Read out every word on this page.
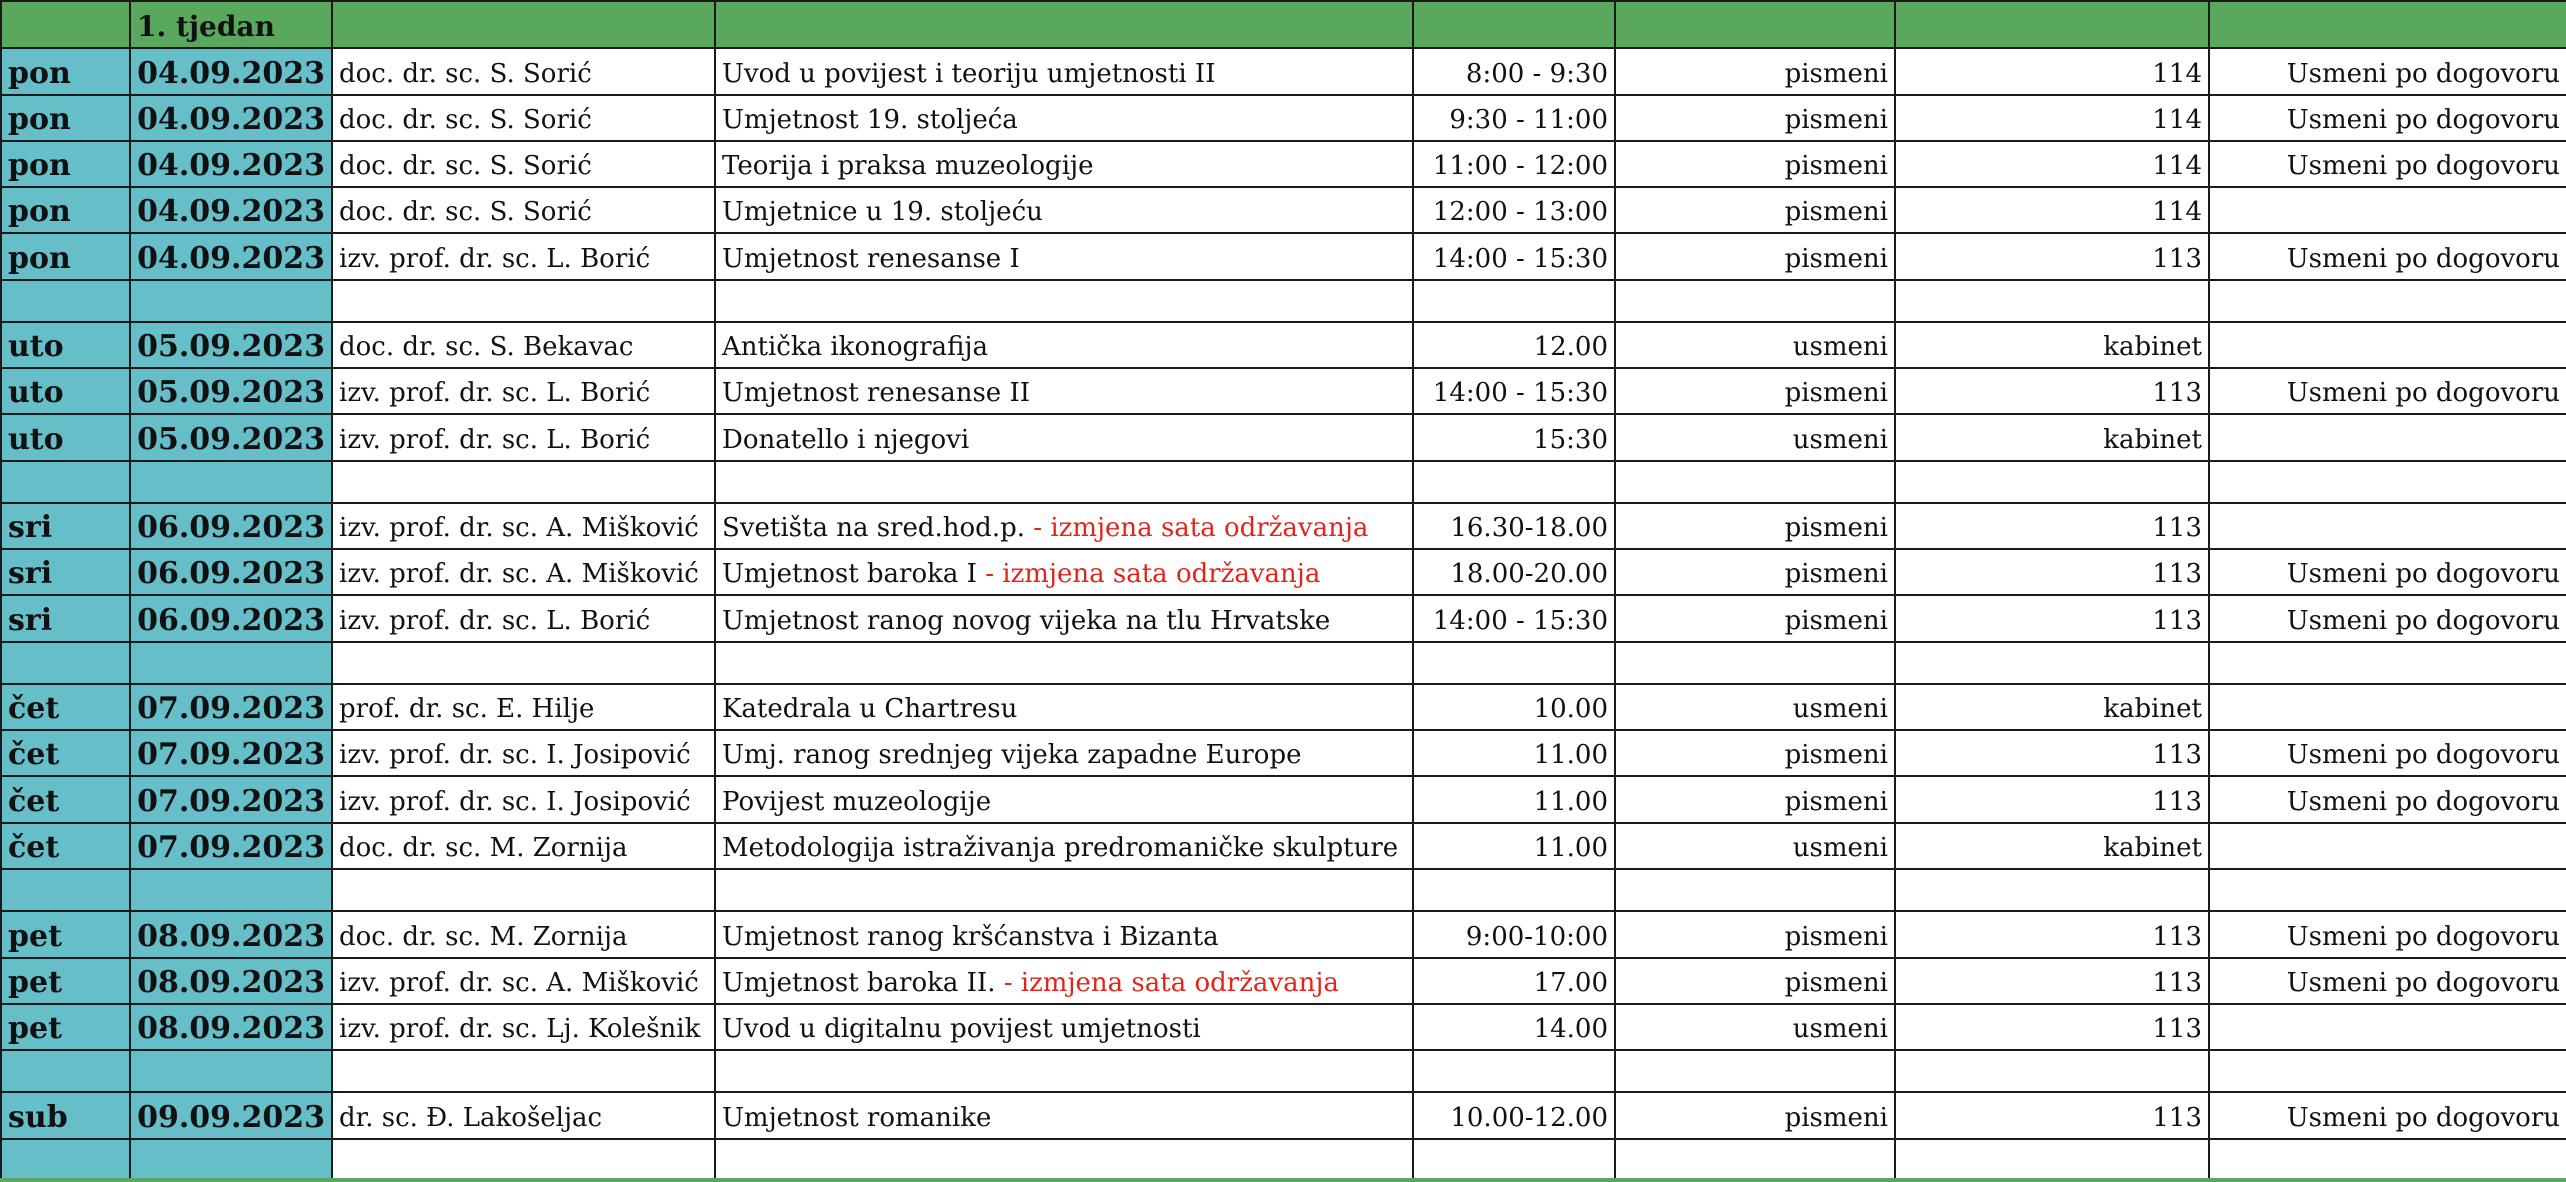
	1. tjedan						
pon	04.09.2023	doc. dr. sc. S. Sorić	Uvod u povijest i teoriju umjetnosti II	8:00 - 9:30	pismeni	114	Usmeni po dogovoru
pon	04.09.2023	doc. dr. sc. S. Sorić	Umjetnost 19. stoljeća	9:30 - 11:00	pismeni	114	Usmeni po dogovoru
pon	04.09.2023	doc. dr. sc. S. Sorić	Teorija i praksa muzeologije	11:00 - 12:00	pismeni	114	Usmeni po dogovoru
pon	04.09.2023	doc. dr. sc. S. Sorić	Umjetnice u 19. stoljeću	12:00 - 13:00	pismeni	114	
pon	04.09.2023	izv. prof. dr. sc. L. Borić	Umjetnost renesanse I	14:00 - 15:30	pismeni	113	Usmeni po dogovoru

uto	05.09.2023	doc. dr. sc. S. Bekavac	Antička ikonografija	12.00	usmeni	kabinet	
uto	05.09.2023	izv. prof. dr. sc. L. Borić	Umjetnost renesanse II	14:00 - 15:30	pismeni	113	Usmeni po dogovoru
uto	05.09.2023	izv. prof. dr. sc. L. Borić	Donatello i njegovi	15:30	usmeni	kabinet	

sri	06.09.2023	izv. prof. dr. sc. A. Mišković	Svetišta na sred.hod.p. - izmjena sata održavanja	16.30-18.00	pismeni	113	
sri	06.09.2023	izv. prof. dr. sc. A. Mišković	Umjetnost baroka I - izmjena sata održavanja	18.00-20.00	pismeni	113	Usmeni po dogovoru
sri	06.09.2023	izv. prof. dr. sc. L. Borić	Umjetnost ranog novog vijeka na tlu Hrvatske	14:00 - 15:30	pismeni	113	Usmeni po dogovoru

čet	07.09.2023	prof. dr. sc. E. Hilje	Katedrala u Chartresu	10.00	usmeni	kabinet	
čet	07.09.2023	izv. prof. dr. sc. I. Josipović	Umj. ranog srednjeg vijeka zapadne Europe	11.00	pismeni	113	Usmeni po dogovoru
čet	07.09.2023	izv. prof. dr. sc. I. Josipović	Povijest muzeologije	11.00	pismeni	113	Usmeni po dogovoru
čet	07.09.2023	doc. dr. sc. M. Zornija	Metodologija istraživanja predromaničke skulpture	11.00	usmeni	kabinet	

pet	08.09.2023	doc. dr. sc. M. Zornija	Umjetnost ranog kršćanstva i Bizanta	9:00-10:00	pismeni	113	Usmeni po dogovoru
pet	08.09.2023	izv. prof. dr. sc. A. Mišković	Umjetnost baroka II. - izmjena sata održavanja	17.00	pismeni	113	Usmeni po dogovoru
pet	08.09.2023	izv. prof. dr. sc. Lj. Kolešnik	Uvod u digitalnu povijest umjetnosti	14.00	usmeni	113	

sub	09.09.2023	dr. sc. Đ. Lakošeljac	Umjetnost romanike	10.00-12.00	pismeni	113	Usmeni po dogovoru
